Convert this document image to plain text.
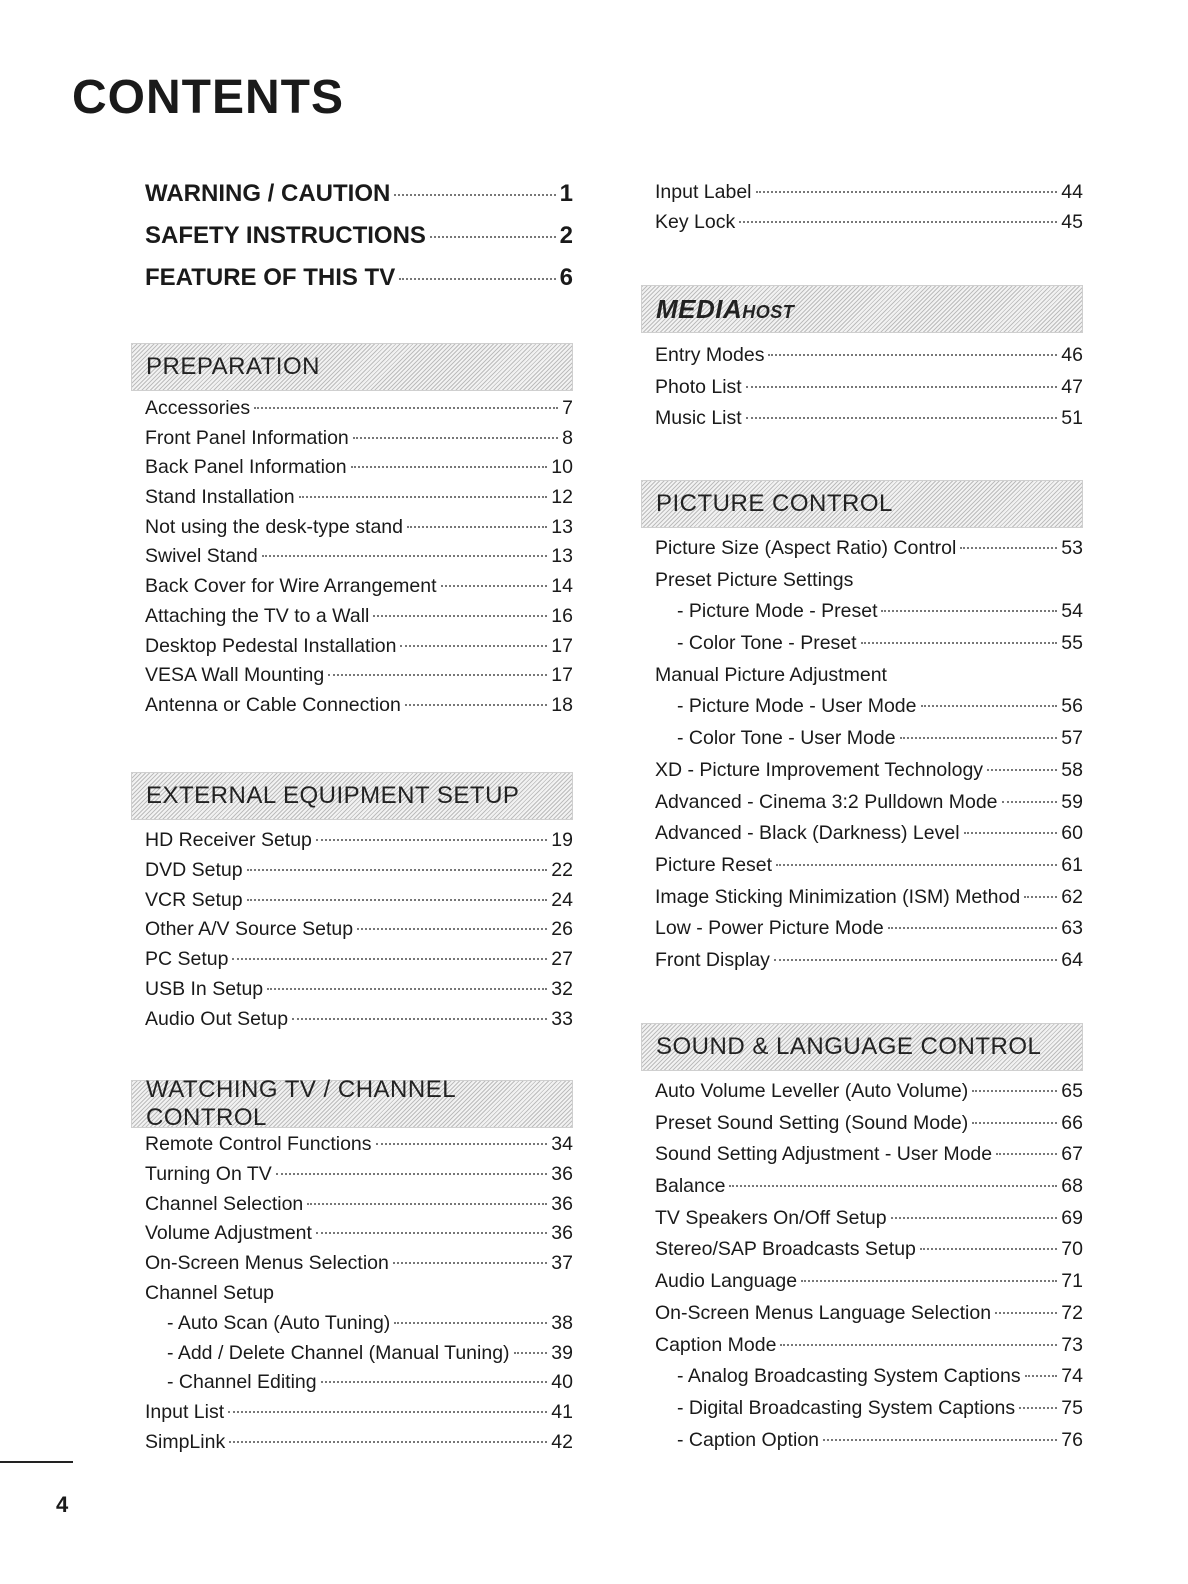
CONTENTS
WARNING / CAUTION	1
SAFETY INSTRUCTIONS	2
FEATURE OF THIS TV	6
PREPARATION
Accessories	7
Front Panel Information	8
Back Panel Information	10
Stand Installation	12
Not using the desk-type stand	13
Swivel Stand	13
Back Cover for Wire Arrangement	14
Attaching the TV to a Wall	16
Desktop Pedestal Installation	17
VESA Wall Mounting	17
Antenna or Cable Connection	18
EXTERNAL EQUIPMENT SETUP
HD Receiver Setup	19
DVD Setup	22
VCR Setup	24
Other A/V Source Setup	26
PC Setup	27
USB In Setup	32
Audio Out Setup	33
WATCHING TV / CHANNEL CONTROL
Remote Control Functions	34
Turning On TV	36
Channel Selection	36
Volume Adjustment	36
On-Screen Menus Selection	37
Channel Setup
- Auto Scan (Auto Tuning)	38
- Add / Delete Channel (Manual Tuning) 39
- Channel Editing	40
Input List	41
SimpLink	42
Input Label	44
Key Lock	45
MEDIAHOST
Entry Modes	46
Photo List	47
Music List	51
PICTURE CONTROL
Picture Size (Aspect Ratio) Control	53
Preset Picture Settings
- Picture Mode - Preset	54
- Color Tone - Preset	55
Manual Picture Adjustment
- Picture Mode - User Mode	56
- Color Tone - User Mode	57
XD - Picture Improvement Technology	58
Advanced - Cinema 3:2 Pulldown Mode	59
Advanced - Black (Darkness) Level	60
Picture Reset	61
Image Sticking Minimization (ISM) Method 62
Low - Power Picture Mode	63
Front Display	64
SOUND & LANGUAGE CONTROL
Auto Volume Leveller (Auto Volume)	65
Preset Sound Setting (Sound Mode)	66
Sound Setting Adjustment - User Mode	67
Balance	68
TV Speakers On/Off Setup	69
Stereo/SAP Broadcasts Setup	70
Audio Language	71
On-Screen Menus Language Selection	72
Caption Mode	73
- Analog Broadcasting System Captions 74
- Digital Broadcasting System Captions 75
- Caption Option	76
4
